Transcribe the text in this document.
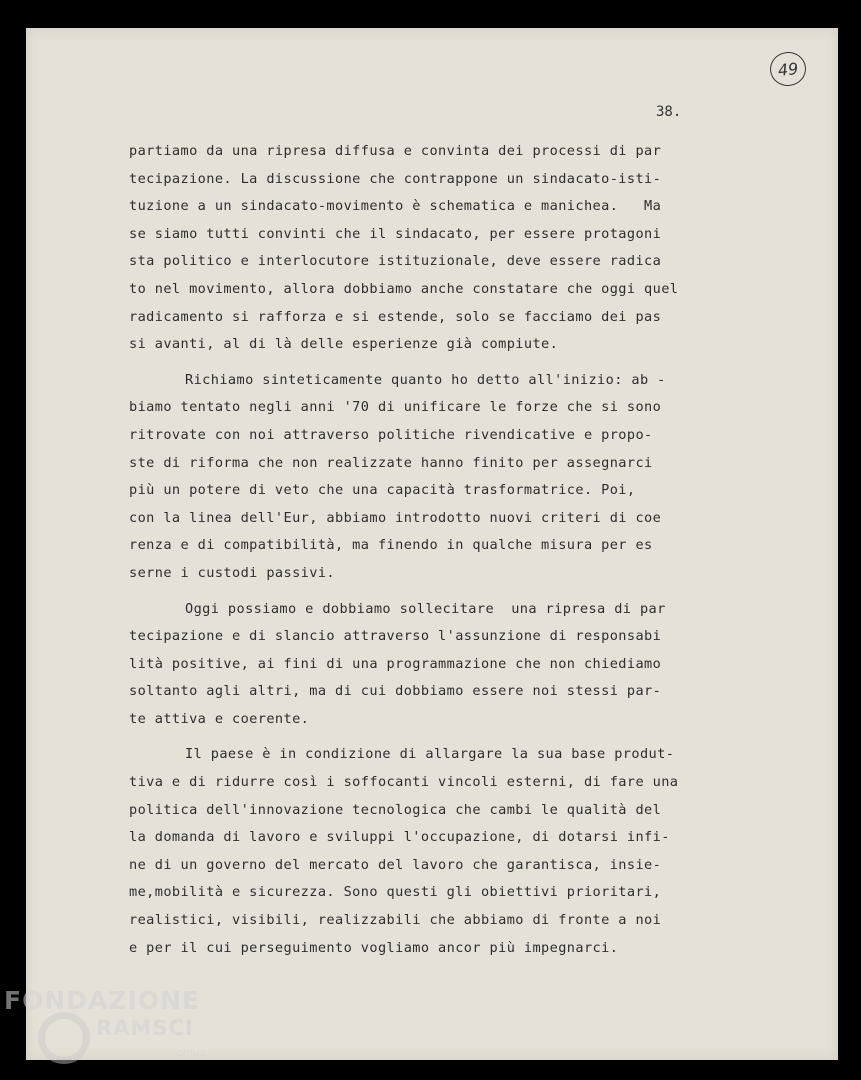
49
38.
partiamo da una ripresa diffusa e convinta dei processi di par
tecipazione. La discussione che contrappone un sindacato-isti-
tuzione a un sindacato-movimento è schematica e manichea.   Ma
se siamo tutti convinti che il sindacato, per essere protagoni
sta politico e interlocutore istituzionale, deve essere radica
to nel movimento, allora dobbiamo anche constatare che oggi quel
radicamento si rafforza e si estende, solo se facciamo dei pas
si avanti, al di là delle esperienze già compiute.
Richiamo sinteticamente quanto ho detto all'inizio: ab -
biamo tentato negli anni '70 di unificare le forze che si sono
ritrovate con noi attraverso politiche rivendicative e propo-
ste di riforma che non realizzate hanno finito per assegnarci
più un potere di veto che una capacità trasformatrice. Poi,
con la linea dell'Eur, abbiamo introdotto nuovi criteri di coe
renza e di compatibilità, ma finendo in qualche misura per es
serne i custodi passivi.
Oggi possiamo e dobbiamo sollecitare  una ripresa di par
tecipazione e di slancio attraverso l'assunzione di responsabi
lità positive, ai fini di una programmazione che non chiediamo
soltanto agli altri, ma di cui dobbiamo essere noi stessi par-
te attiva e coerente.
Il paese è in condizione di allargare la sua base produt-
tiva e di ridurre così i soffocanti vincoli esterni, di fare una
politica dell'innovazione tecnologica che cambi le qualità del
la domanda di lavoro e sviluppi l'occupazione, di dotarsi infi-
ne di un governo del mercato del lavoro che garantisca, insie-
me,mobilità e sicurezza. Sono questi gli obiettivi prioritari,
realistici, visibili, realizzabili che abbiamo di fronte a noi
e per il cui perseguimento vogliamo ancor più impegnarci.
FONDAZIONE
RAMSCI
onlus
